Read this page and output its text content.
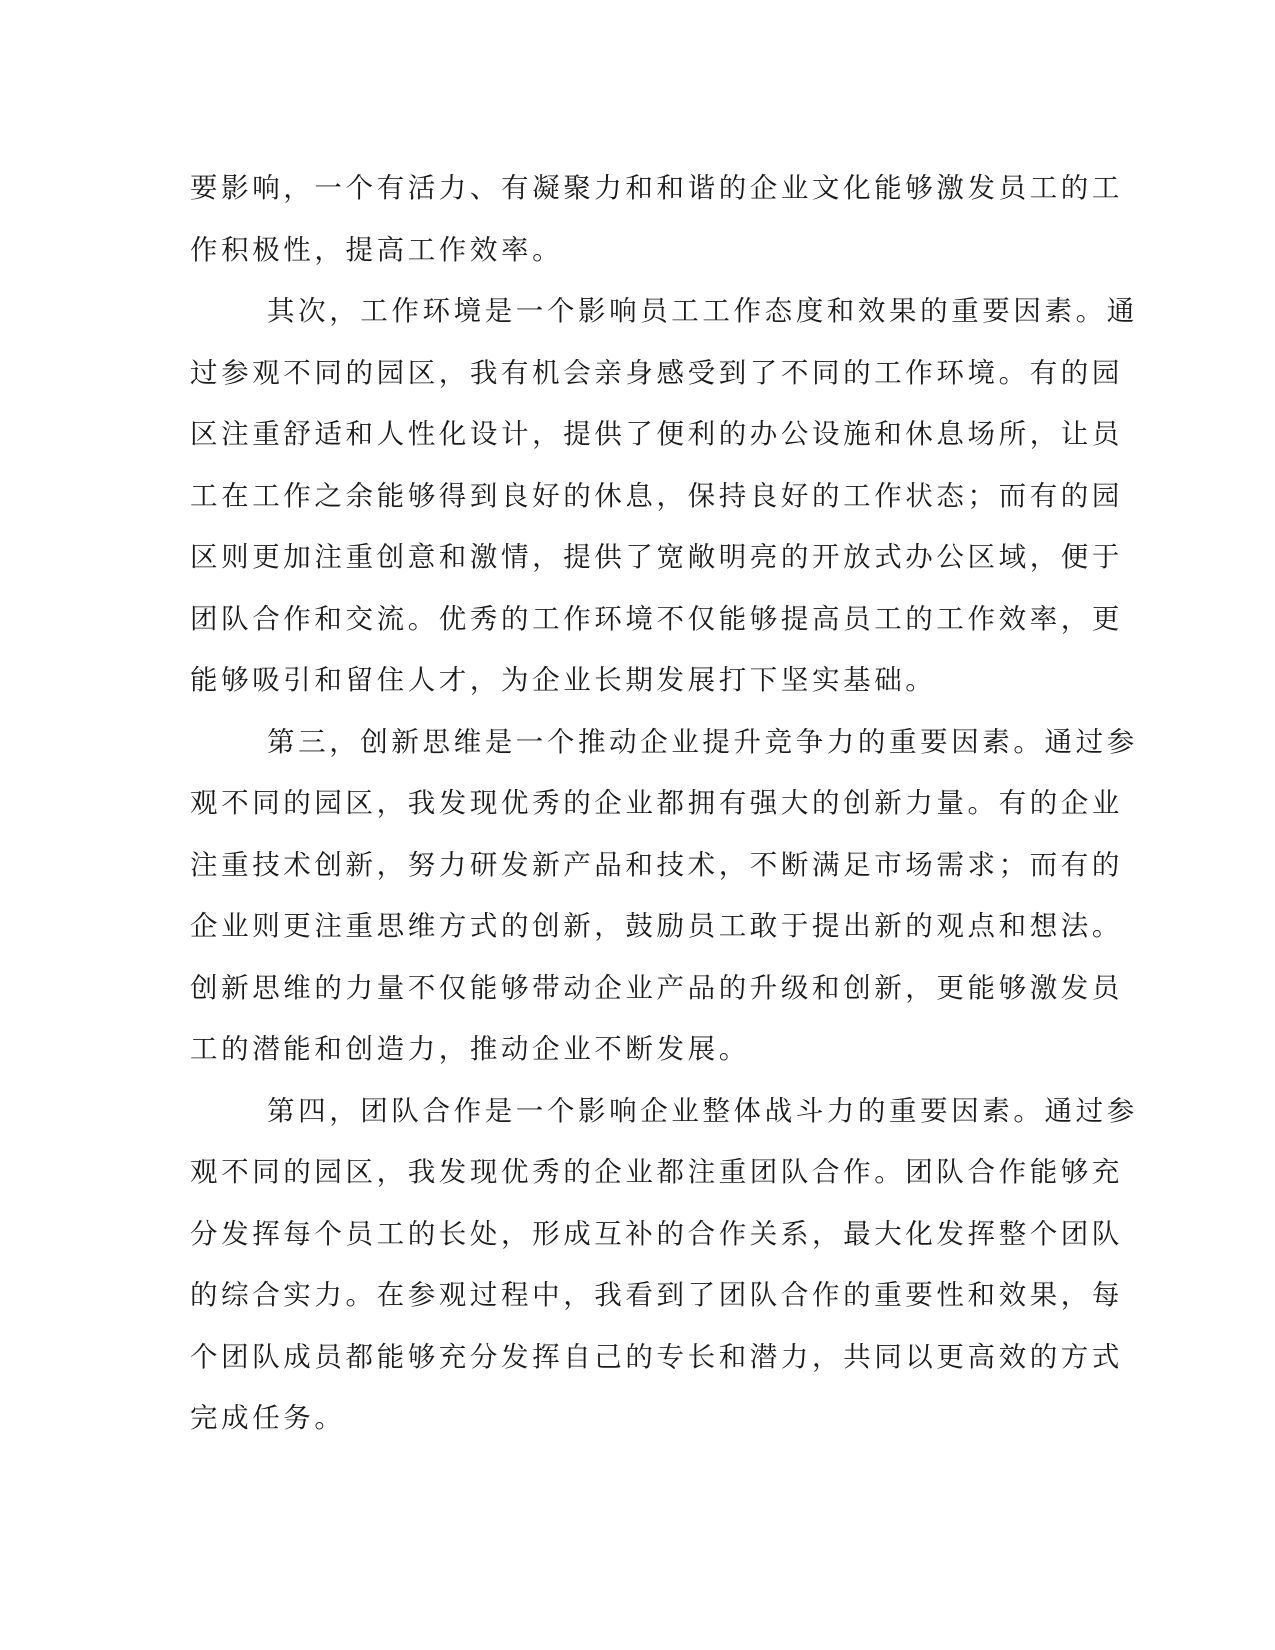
要影响，一个有活力、有凝聚力和和谐的企业文化能够激发员工的工
作积极性，提高工作效率。
其次，工作环境是一个影响员工工作态度和效果的重要因素。通
过参观不同的园区，我有机会亲身感受到了不同的工作环境。有的园
区注重舒适和人性化设计，提供了便利的办公设施和休息场所，让员
工在工作之余能够得到良好的休息，保持良好的工作状态；而有的园
区则更加注重创意和激情，提供了宽敞明亮的开放式办公区域，便于
团队合作和交流。优秀的工作环境不仅能够提高员工的工作效率，更
能够吸引和留住人才，为企业长期发展打下坚实基础。
第三，创新思维是一个推动企业提升竞争力的重要因素。通过参
观不同的园区，我发现优秀的企业都拥有强大的创新力量。有的企业
注重技术创新，努力研发新产品和技术，不断满足市场需求；而有的
企业则更注重思维方式的创新，鼓励员工敢于提出新的观点和想法。
创新思维的力量不仅能够带动企业产品的升级和创新，更能够激发员
工的潜能和创造力，推动企业不断发展。
第四，团队合作是一个影响企业整体战斗力的重要因素。通过参
观不同的园区，我发现优秀的企业都注重团队合作。团队合作能够充
分发挥每个员工的长处，形成互补的合作关系，最大化发挥整个团队
的综合实力。在参观过程中，我看到了团队合作的重要性和效果，每
个团队成员都能够充分发挥自己的专长和潜力，共同以更高效的方式
完成任务。
